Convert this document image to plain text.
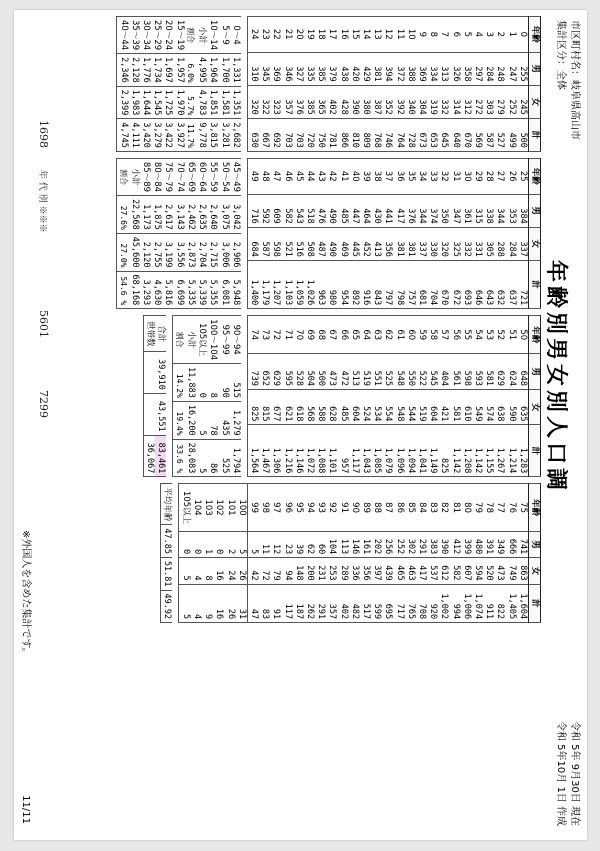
市区町村名：岐阜県高山市
集計区分：全体
年齢別男女別人口調
令和 5年 9月30日 現在
令和 5年10月 1日 作成
年齢	男	女	計
0	255	245	500
1	247	252	499
2	248	279	527
3	284	303	587
4	297	272	569
5	358	312	670
6	326	314	640
7	313	332	645
8	334	319	653
9	369	304	673
10	388	340	728
11	372	392	764
12	394	352	746
13	381	387	768
14	429	380	809
15	420	390	810
16	438	428	866
17	379	402	781
18	385	365	750
19	335	385	720
20	327	376	703
21	346	357	703
22	369	323	692
23	345	322	667
24	310	320	630
0～4	1,331	1,351	2,682
5～9	1,700	1,581	3,281
10～14	1,964	1,851	3,815
小計	4,995	4,783	9,778
割合	6.0%	5.7%	11.7%
15～19	1,957	1,970	3,927
20～24	1,697	1,725	3,422
25～29	1,734	1,545	3,279
30～34	1,776	1,644	3,420
35～39	2,128	1,983	4,111
40～44	2,346	2,399	4,745
年齢	男	女	計
25	384	337	721
26	353	284	637
27	344	288	632
28	338	305	643
29	315	331	646
30	361	332	693
31	347	325	672
32	350	320	670
33	374	330	704
34	344	337	681
35	376	381	757
36	417	381	798
37	441	356	797
38	430	413	843
39	464	452	916
40	447	445	892
41	485	469	954
42	490	490	980
43	476	487	963
44	518	508	1,026
45	543	516	1,059
46	582	521	1,103
47	609	598	1,207
48	592	587	1,179
49	716	684	1,400
45～49	3,042	2,906	5,948
50～54	3,075	3,006	6,081
55～59	2,640	2,715	5,355
60～64	2,635	2,704	5,339
65～69	2,462	2,873	5,335
70～74	3,143	3,556	6,699
75～79	2,617	3,199	5,816
80～84	1,875	2,755	4,630
85～89	1,173	2,120	3,293
小計	22,568	45,600	68,168
割合	27.6%	27.0%	54.6 %
年齢	男	女	計
50	648	635	1,283
51	624	590	1,214
52	629	638	1,267
53	581	574	1,155
54	593	549	1,142
55	598	610	1,208
56	561	581	1,142
57	404	421	825
58	545	604	1,149
59	522	519	1,041
60	550	544	1,094
61	548	548	1,096
62	525	554	1,079
63	551	534	1,085
64	519	524	1,043
65	513	604	1,117
66	472	485	957
67	473	628	1,101
68	500	588	1,088
69	504	568	1,072
70	528	618	1,146
71	595	621	1,216
72	629	677	1,306
73	652	815	1,467
74	739	825	1,564
90～94	515	1,279	1,794
95～99	90	435	525
100～104	8	78	86
105以上	0	5	5
小計	11,883	16,200	28,083
割合	14.2%	19.4%	33.6 %
合計	39,910	43,551	83,461
世帯数			36,067
年齢	男	女	計
75	741	863	1,604
76	666	749	1,405
77	349	473	822
78	391	520	911
79	480	594	1,074
80	399	607	1,006
81	412	582	994
82	390	612	1,002
83	383	537	920
84	291	417	708
85	302	463	765
86	252	465	717
87	256	439	695
88	202	397	599
89	161	356	517
90	146	336	482
91	113	289	402
92	104	253	357
93	60	231	291
94	62	200	262
95	39	148	187
96	23	94	117
97	12	79	91
98	11	72	83
99	5	42	47
100	5	26	31
101	2	24	26
102	0	16	16
103	1	8	9
104	0	4	4
105以上	0	5	5
平均年齢	47.85	51.81	49.92
1698
5601
7299
年 代 別 ※※※
※外国人を含めた集計です。
11/11
